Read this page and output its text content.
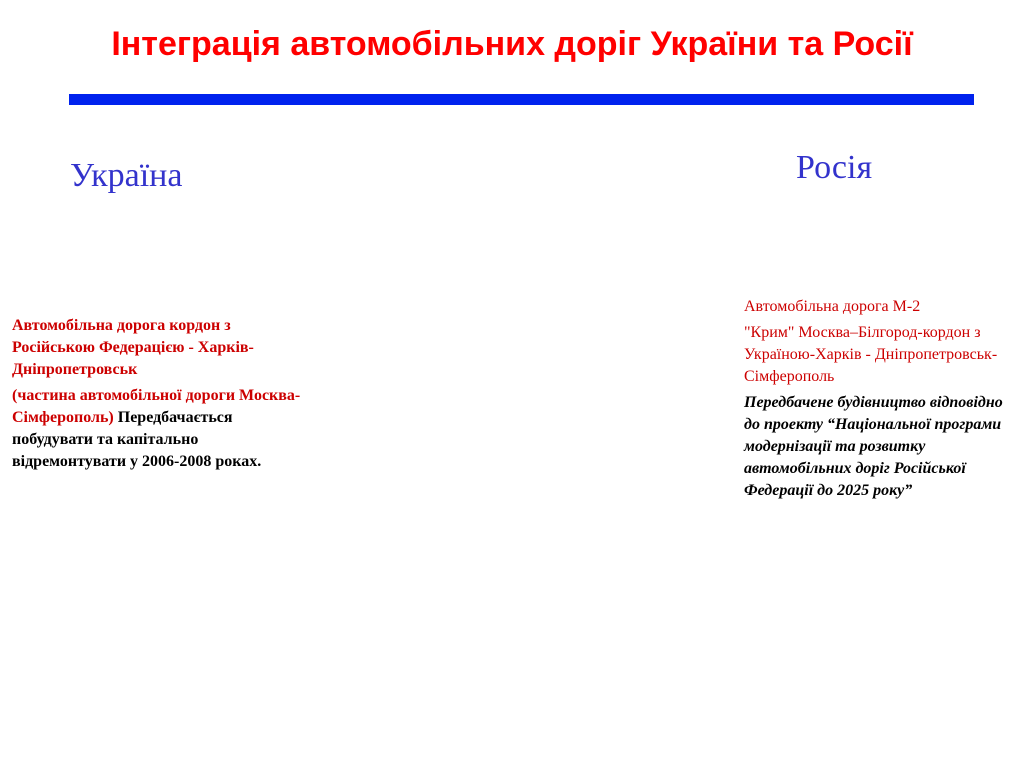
Інтеграція автомобільних доріг України та Росії
Україна	Росія

Автомобільна дорога кордон з Російською Федерацією - Харків-Дніпропетровськ

(частина автомобільної дороги Москва-Сімферополь) Передбачається побудувати та капітально відремонтувати у 2006-2008 роках.

Автомобільна дорога М-2

"Крим" Москва–Білгород-кордон з Україною-Харків - Дніпропетровськ-Сімферополь

Передбачене будівництво відповідно до проекту “Національної програми модернізації та розвитку автомобільних доріг Російської Федерації до 2025 року”
